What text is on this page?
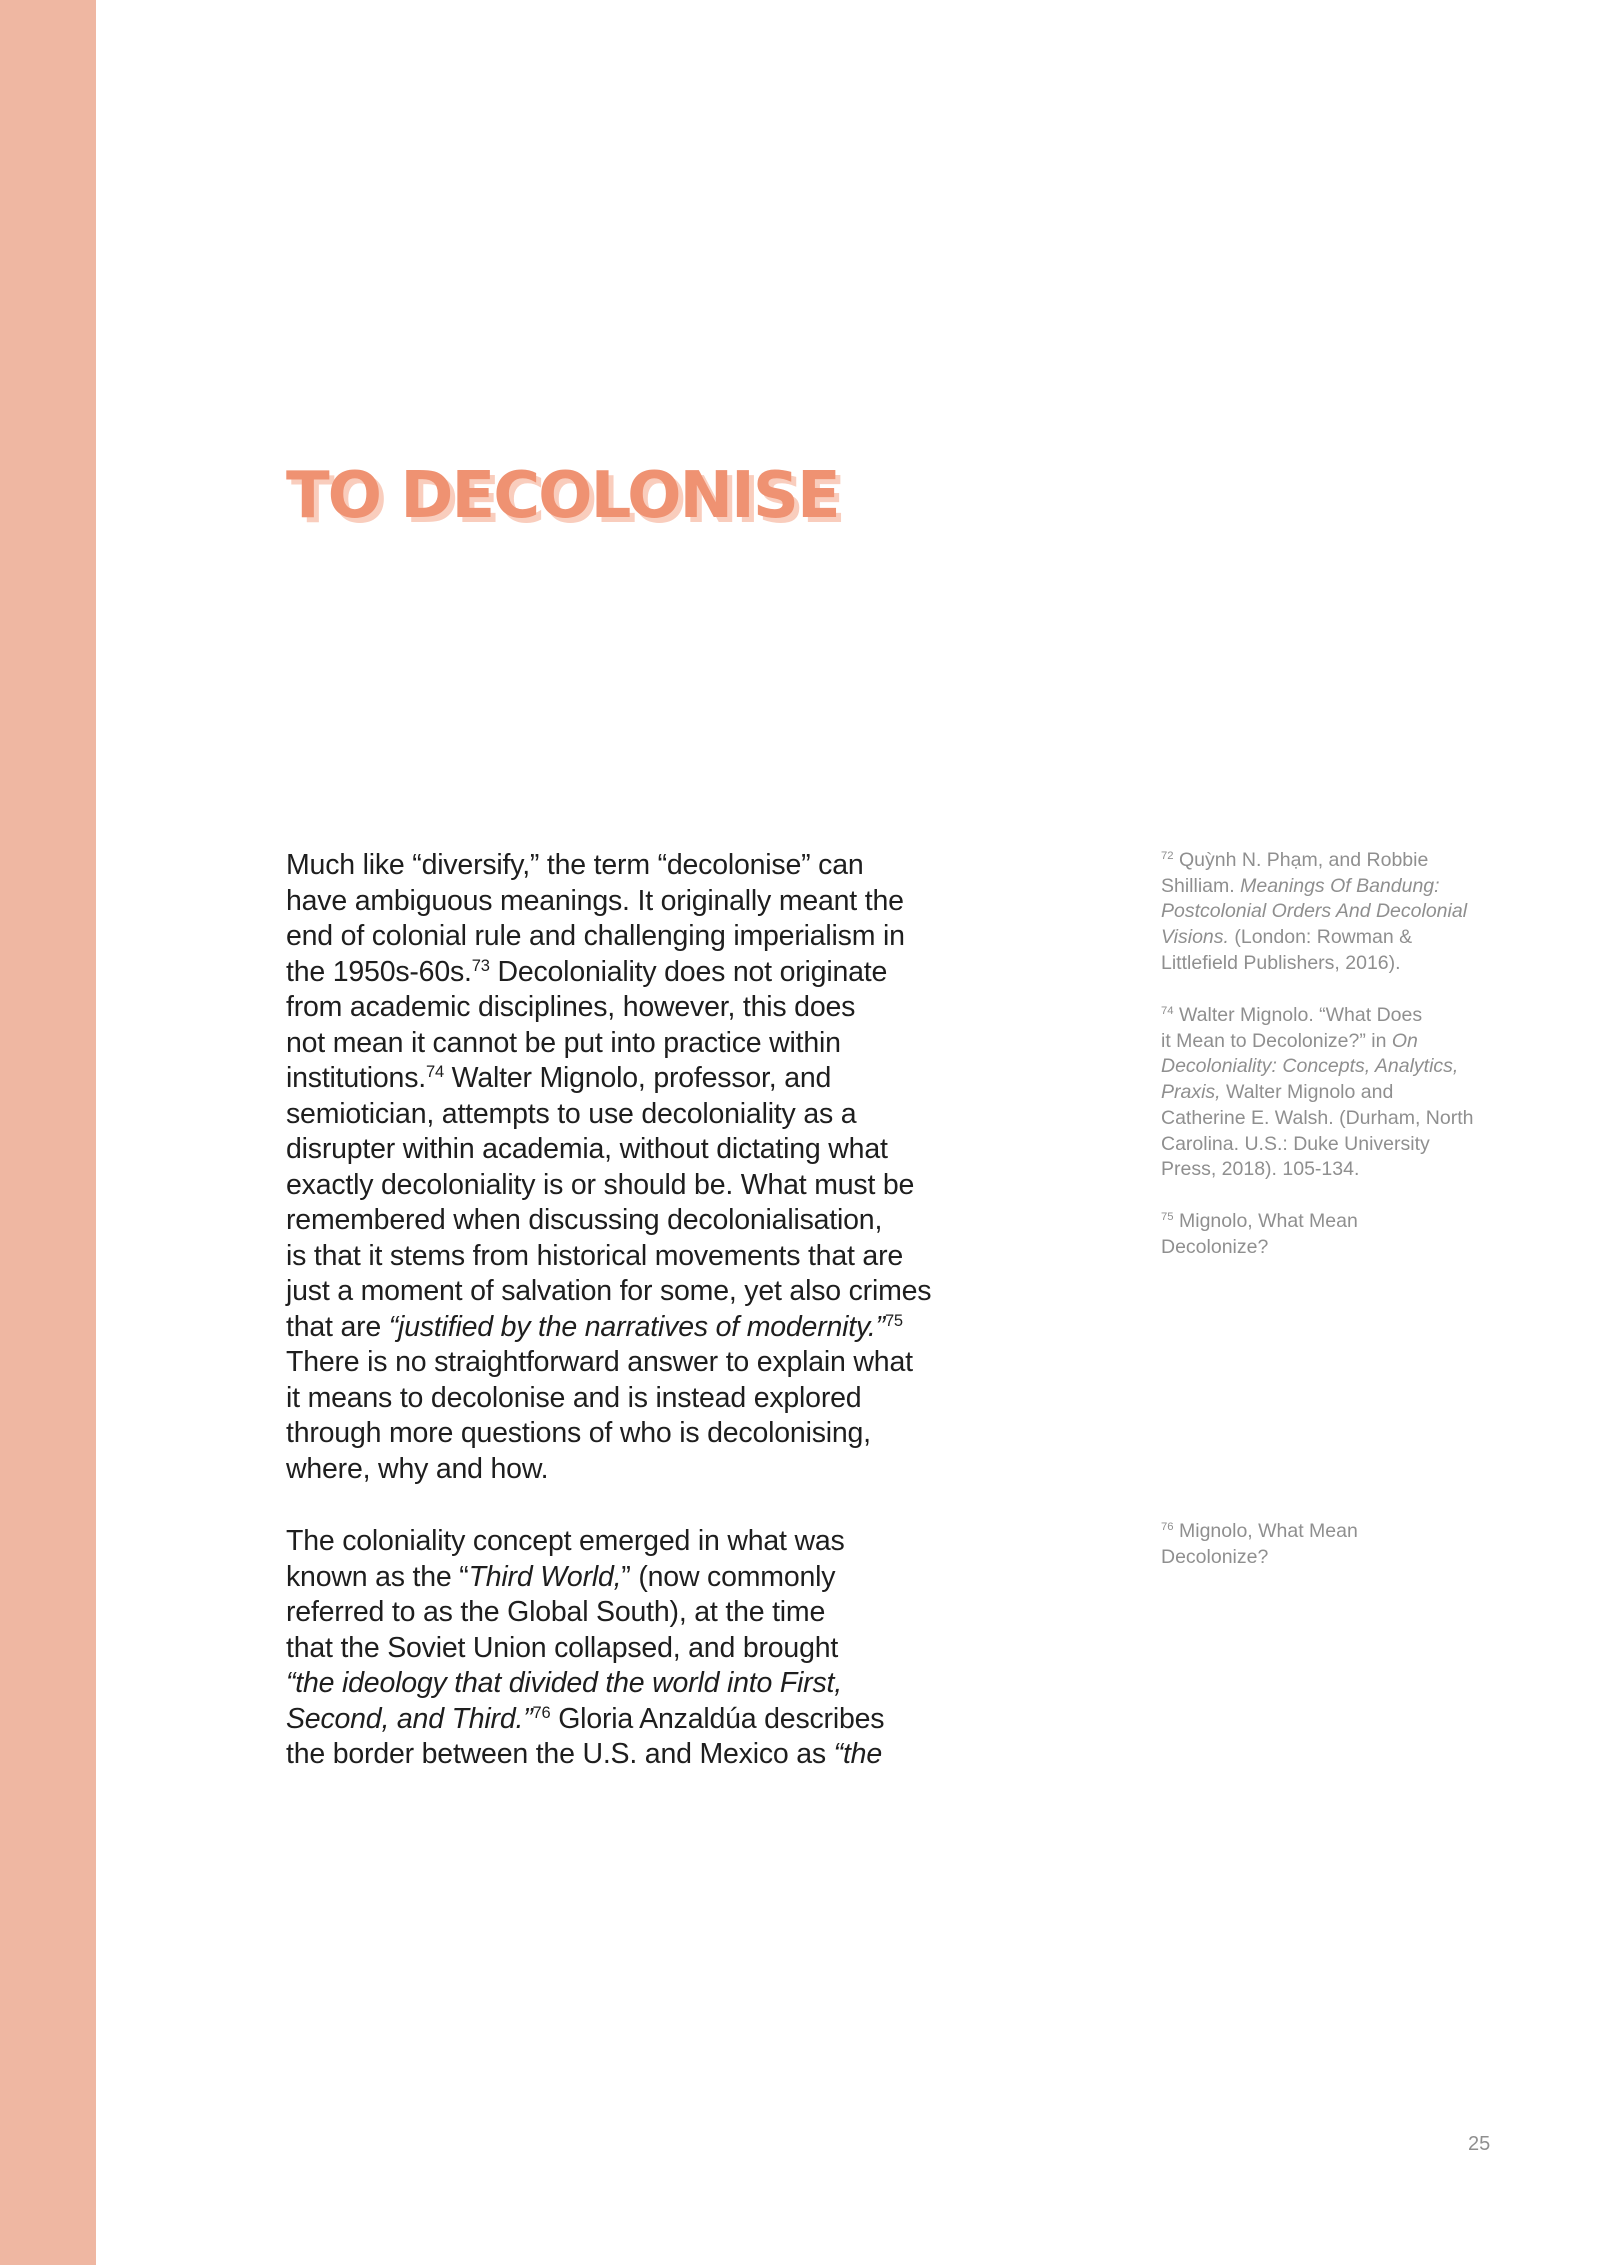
TO DECOLONISE

Much like “diversify,” the term “decolonise” can
have ambiguous meanings. It originally meant the
end of colonial rule and challenging imperialism in
the 1950s-60s.$^{73}$ Decoloniality does not originate
from academic disciplines, however, this does
not mean it cannot be put into practice within
institutions.$^{74}$ Walter Mignolo, professor, and
semiotician, attempts to use decoloniality as a
disrupter within academia, without dictating what
exactly decoloniality is or should be. What must be
remembered when discussing decolonialisation,
is that it stems from historical movements that are
just a moment of salvation for some, yet also crimes
that are “justified by the narratives of modernity.”$^{75}$
There is no straightforward answer to explain what
it means to decolonise and is instead explored
through more questions of who is decolonising,
where, why and how.

The coloniality concept emerged in what was
known as the “Third World,” (now commonly
referred to as the Global South), at the time
that the Soviet Union collapsed, and brought
“the ideology that divided the world into First,
Second, and Third.”$^{76}$ Gloria Anzaldúa describes
the border between the U.S. and Mexico as “the

$^{72}$ Quỳnh N. Phạm, and Robbie
Shilliam. Meanings Of Bandung:
Postcolonial Orders And Decolonial
Visions. (London: Rowman &
Littlefield Publishers, 2016).
$^{74}$ Walter Mignolo. “What Does
it Mean to Decolonize?” in On
Decoloniality: Concepts, Analytics,
Praxis, Walter Mignolo and
Catherine E. Walsh. (Durham, North
Carolina. U.S.: Duke University
Press, 2018). 105-134.
$^{75}$ Mignolo, What Mean
Decolonize?
$^{76}$ Mignolo, What Mean
Decolonize?
25
